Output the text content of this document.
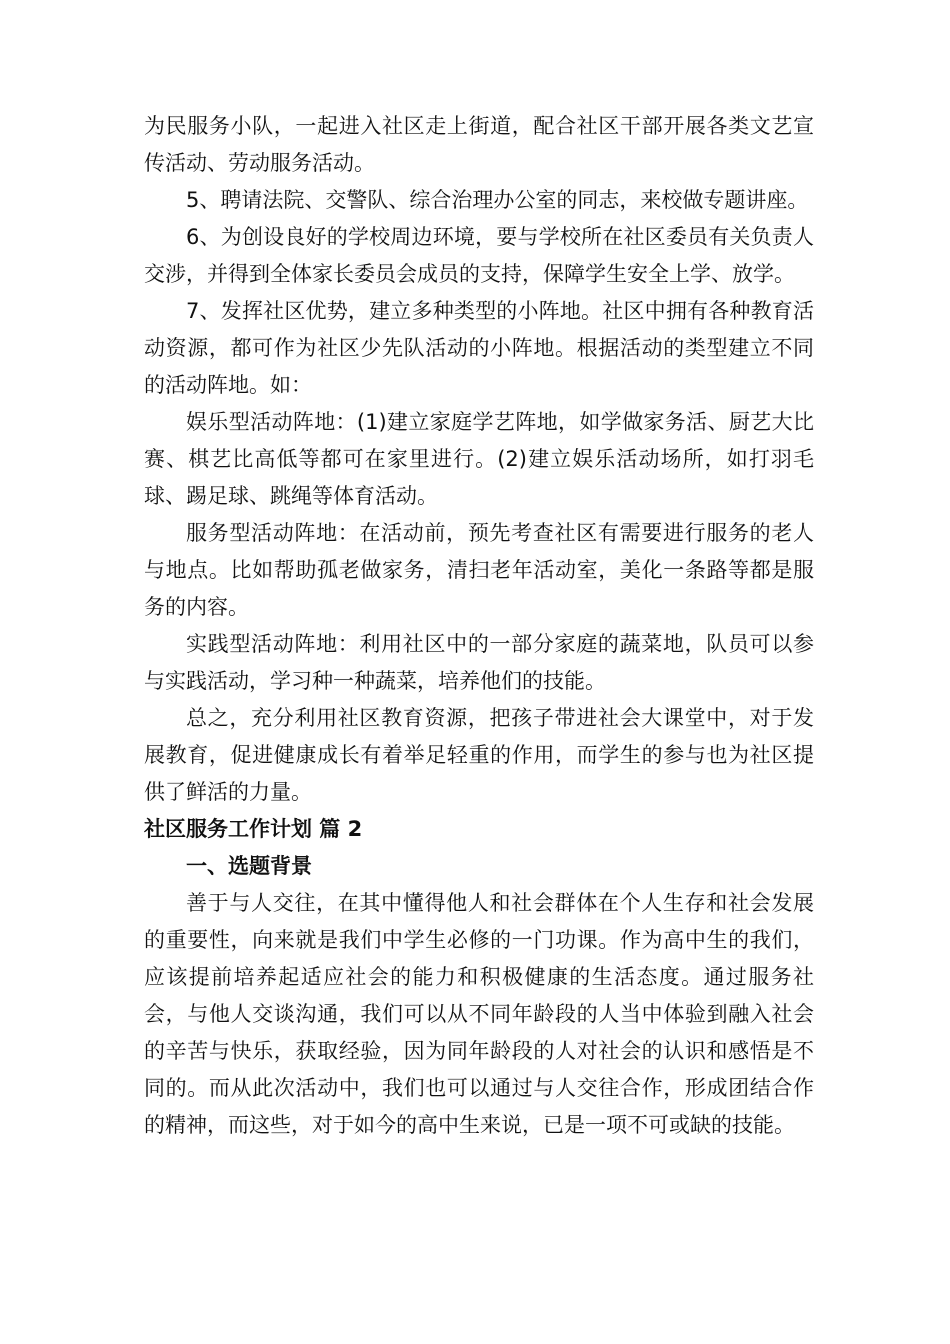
为民服务小队，一起进入社区走上街道，配合社区干部开展各类文艺宣传活动、劳动服务活动。

5、聘请法院、交警队、综合治理办公室的同志，来校做专题讲座。

6、为创设良好的学校周边环境，要与学校所在社区委员有关负责人交涉，并得到全体家长委员会成员的支持，保障学生安全上学、放学。

7、发挥社区优势，建立多种类型的小阵地。社区中拥有各种教育活动资源，都可作为社区少先队活动的小阵地。根据活动的类型建立不同的活动阵地。如：

娱乐型活动阵地：(1)建立家庭学艺阵地，如学做家务活、厨艺大比赛、棋艺比高低等都可在家里进行。(2)建立娱乐活动场所，如打羽毛球、踢足球、跳绳等体育活动。

服务型活动阵地：在活动前，预先考查社区有需要进行服务的老人与地点。比如帮助孤老做家务，清扫老年活动室，美化一条路等都是服务的内容。

实践型活动阵地：利用社区中的一部分家庭的蔬菜地，队员可以参与实践活动，学习种一种蔬菜，培养他们的技能。

总之，充分利用社区教育资源，把孩子带进社会大课堂中，对于发展教育，促进健康成长有着举足轻重的作用，而学生的参与也为社区提供了鲜活的力量。

社区服务工作计划 篇 2

一、选题背景

善于与人交往，在其中懂得他人和社会群体在个人生存和社会发展的重要性，向来就是我们中学生必修的一门功课。作为高中生的我们，应该提前培养起适应社会的能力和积极健康的生活态度。通过服务社会，与他人交谈沟通，我们可以从不同年龄段的人当中体验到融入社会的辛苦与快乐，获取经验，因为同年龄段的人对社会的认识和感悟是不同的。而从此次活动中，我们也可以通过与人交往合作，形成团结合作的精神，而这些，对于如今的高中生来说，已是一项不可或缺的技能。
